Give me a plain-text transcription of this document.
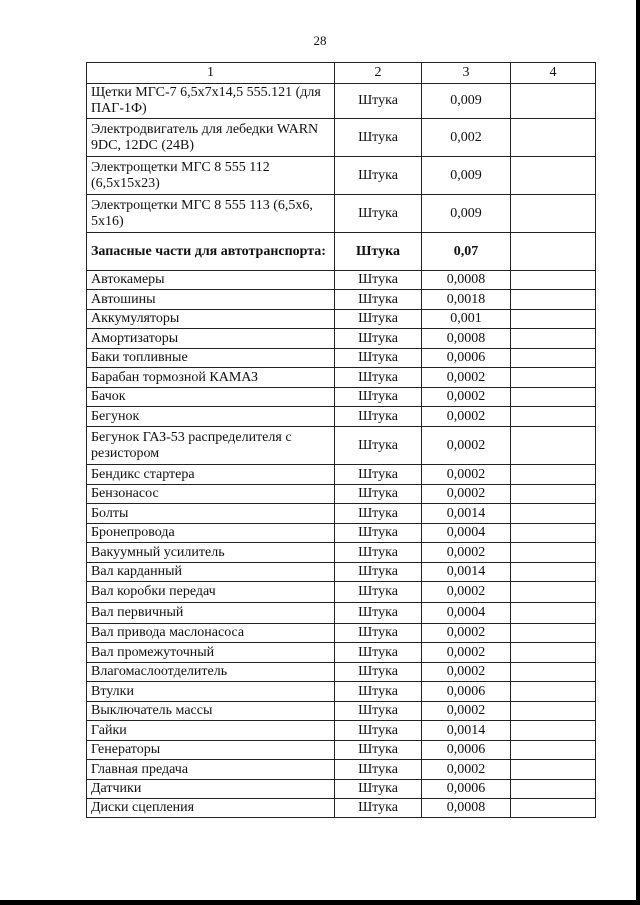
28
1	2	3	4
Щетки МГС-7 6,5х7х14,5 555.121 (для ПАГ-1Ф)	Штука	0,009	
Электродвигатель для лебедки WARN 9DC, 12DC (24В)	Штука	0,002	
Электрощетки МГС 8 555 112 (6,5х15х23)	Штука	0,009	
Электрощетки МГС 8 555 113 (6,5х6, 5х16)	Штука	0,009	
Запасные части для автотранспорта:	Штука	0,07	
Автокамеры	Штука	0,0008	
Автошины	Штука	0,0018	
Аккумуляторы	Штука	0,001	
Амортизаторы	Штука	0,0008	
Баки топливные	Штука	0,0006	
Барабан тормозной КАМАЗ	Штука	0,0002	
Бачок	Штука	0,0002	
Бегунок	Штука	0,0002	
Бегунок ГАЗ-53 распределителя с резистором	Штука	0,0002	
Бендикс стартера	Штука	0,0002	
Бензонасос	Штука	0,0002	
Болты	Штука	0,0014	
Бронепровода	Штука	0,0004	
Вакуумный усилитель	Штука	0,0002	
Вал карданный	Штука	0,0014	
Вал коробки передач	Штука	0,0002	
Вал первичный	Штука	0,0004	
Вал привода маслонасоса	Штука	0,0002	
Вал промежуточный	Штука	0,0002	
Влагомаслоотделитель	Штука	0,0002	
Втулки	Штука	0,0006	
Выключатель массы	Штука	0,0002	
Гайки	Штука	0,0014	
Генераторы	Штука	0,0006	
Главная предача	Штука	0,0002	
Датчики	Штука	0,0006	
Диски сцепления	Штука	0,0008	
